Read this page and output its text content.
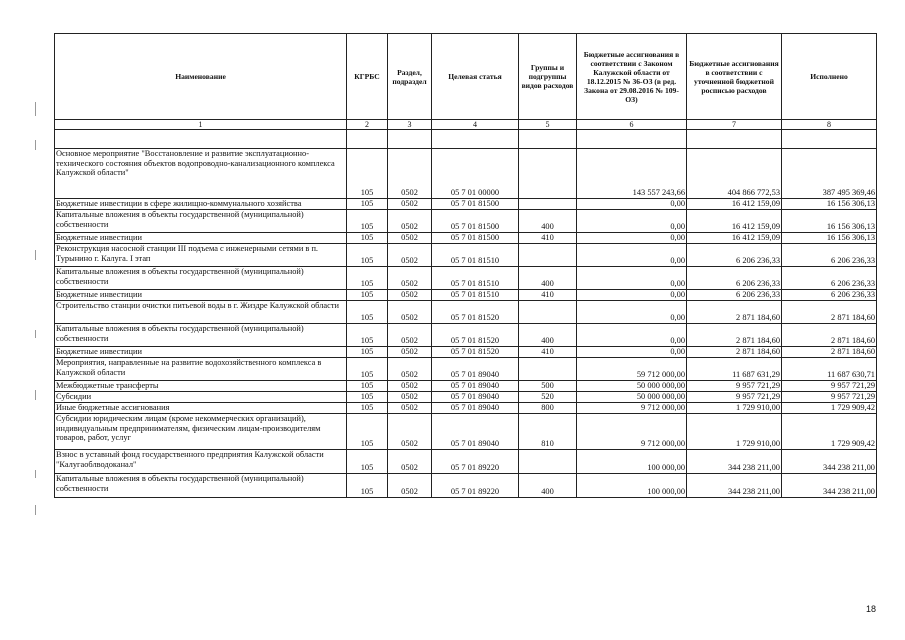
Наименование	КГРБС	Раздел, подраздел	Целевая статья	Группы и подгруппы видов расходов	Бюджетные ассигнования в соответствии с Законом Калужской области от 18.12.2015 № 36-ОЗ (в ред. Закона от 29.08.2016 № 109-ОЗ)	Бюджетные ассигнования в соответствии с уточненной бюджетной росписью расходов	Исполнено
1	2	3	4	5	6	7	8

Основное мероприятие "Восстановление и развитие эксплуатационно-технического состояния объектов водопроводно-канализационного комплекса Калужской области"	105	0502	05 7 01 00000		143 557 243,66	404 866 772,53	387 495 369,46
Бюджетные инвестиции в сфере жилищно-коммунального хозяйства	105	0502	05 7 01 81500		0,00	16 412 159,09	16 156 306,13
Капитальные вложения в объекты государственной (муниципальной) собственности	105	0502	05 7 01 81500	400	0,00	16 412 159,09	16 156 306,13
Бюджетные инвестиции	105	0502	05 7 01 81500	410	0,00	16 412 159,09	16 156 306,13
Реконструкция насосной станции III подъема с инженерными сетями в п. Турынино г. Калуга. I этап	105	0502	05 7 01 81510		0,00	6 206 236,33	6 206 236,33
Капитальные вложения в объекты государственной (муниципальной) собственности	105	0502	05 7 01 81510	400	0,00	6 206 236,33	6 206 236,33
Бюджетные инвестиции	105	0502	05 7 01 81510	410	0,00	6 206 236,33	6 206 236,33
Строительство станции очистки питьевой воды в г. Жиздре Калужской области	105	0502	05 7 01 81520		0,00	2 871 184,60	2 871 184,60
Капитальные вложения в объекты государственной (муниципальной) собственности	105	0502	05 7 01 81520	400	0,00	2 871 184,60	2 871 184,60
Бюджетные инвестиции	105	0502	05 7 01 81520	410	0,00	2 871 184,60	2 871 184,60
Мероприятия, направленные на развитие водохозяйственного комплекса в Калужской области	105	0502	05 7 01 89040		59 712 000,00	11 687 631,29	11 687 630,71
Межбюджетные трансферты	105	0502	05 7 01 89040	500	50 000 000,00	9 957 721,29	9 957 721,29
Субсидии	105	0502	05 7 01 89040	520	50 000 000,00	9 957 721,29	9 957 721,29
Иные бюджетные ассигнования	105	0502	05 7 01 89040	800	9 712 000,00	1 729 910,00	1 729 909,42
Субсидии юридическим лицам (кроме некоммерческих организаций), индивидуальным предпринимателям, физическим лицам-производителям товаров, работ, услуг	105	0502	05 7 01 89040	810	9 712 000,00	1 729 910,00	1 729 909,42
Взнос в уставный фонд государственного предприятия Калужской области "Калугаоблводоканал"	105	0502	05 7 01 89220		100 000,00	344 238 211,00	344 238 211,00
Капитальные вложения в объекты государственной (муниципальной) собственности	105	0502	05 7 01 89220	400	100 000,00	344 238 211,00	344 238 211,00
18
